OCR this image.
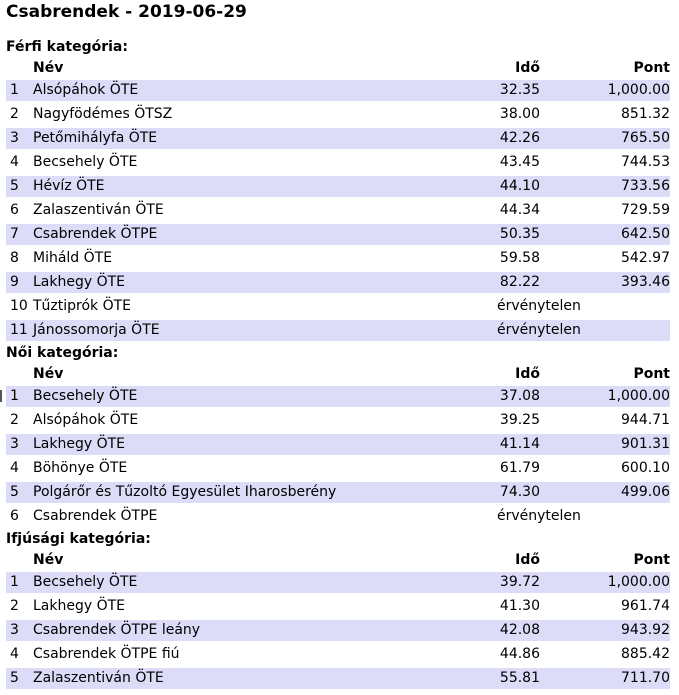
Csabrendek - 2019-06-29
Férfi kategória:
Név	Idő	Pont
1 Alsópáhok ÖTE	32.35	1,000.00
2 Nagyfödémes ÖTSZ	38.00	851.32
3 Petőmihályfa ÖTE	42.26	765.50
4 Becsehely ÖTE	43.45	744.53
5 Hévíz ÖTE	44.10	733.56
6 Zalaszentiván ÖTE	44.34	729.59
7 Csabrendek ÖTPE	50.35	642.50
8 Miháld ÖTE	59.58	542.97
9 Lakhegy ÖTE	82.22	393.46
10 Tűztiprók ÖTE	érvénytelen
11 Jánossomorja ÖTE	érvénytelen
Női kategória:
Név	Idő	Pont
1 Becsehely ÖTE	37.08	1,000.00
2 Alsópáhok ÖTE	39.25	944.71
3 Lakhegy ÖTE	41.14	901.31
4 Böhönye ÖTE	61.79	600.10
5 Polgárőr és Tűzoltó Egyesület Iharosberény	74.30	499.06
6 Csabrendek ÖTPE	érvénytelen
Ifjúsági kategória:
Név	Idő	Pont
1 Becsehely ÖTE	39.72	1,000.00
2 Lakhegy ÖTE	41.30	961.74
3 Csabrendek ÖTPE leány	42.08	943.92
4 Csabrendek ÖTPE fiú	44.86	885.42
5 Zalaszentiván ÖTE	55.81	711.70
